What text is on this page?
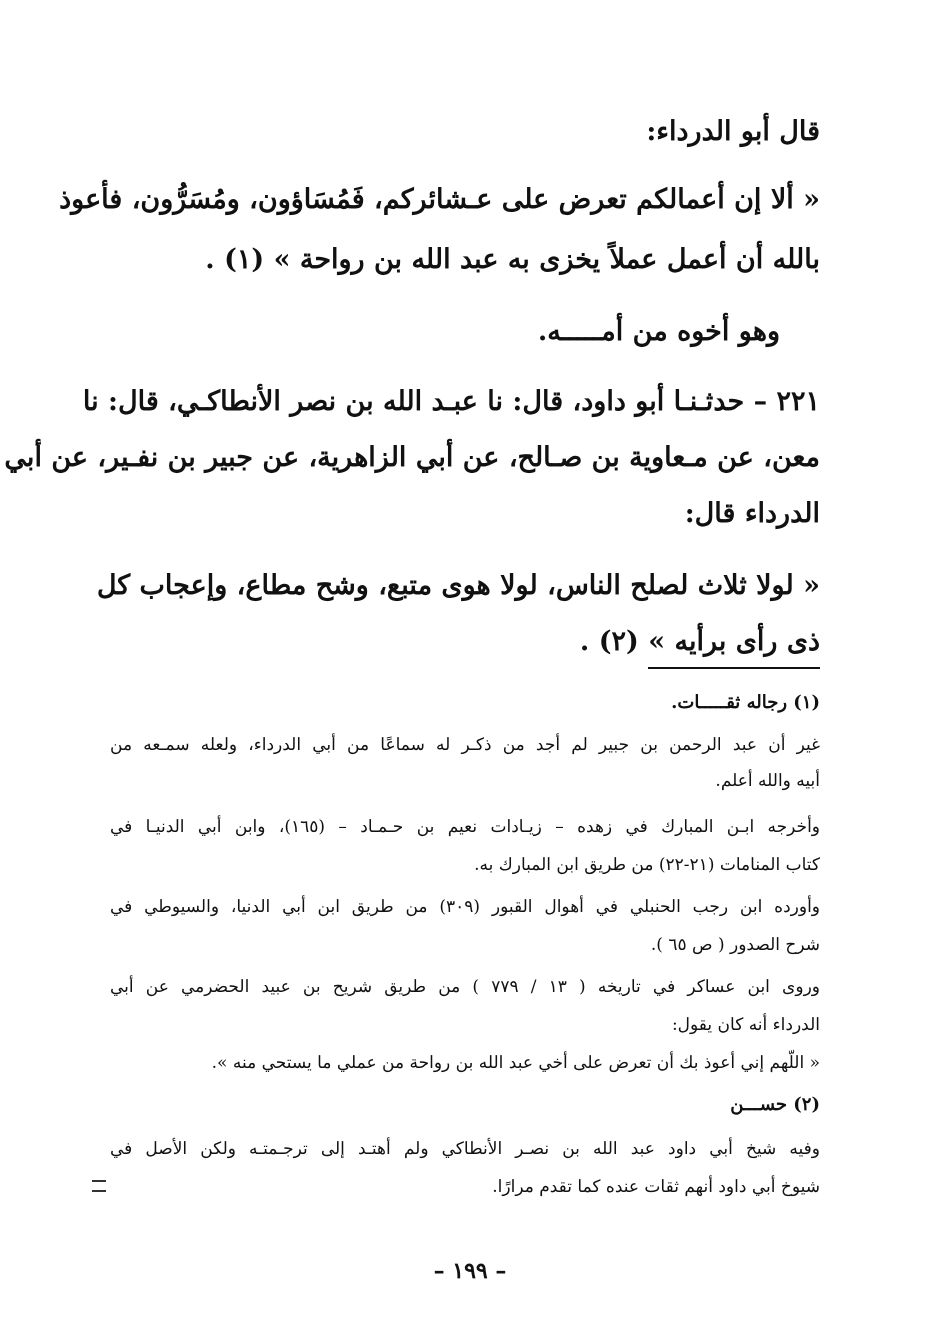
قال أبو الدرداء:
« ألا إن أعمالكم تعرض على عـشائركم، فَمُسَاؤون، ومُسَرُّون، فأعوذ
بالله أن أعمل عملاً يخزى به عبد الله بن رواحة » (١) .
وهو أخوه من أمـــــه.
٢٢١ – حدثـنـا أبو داود، قال: نا عبـد الله بن نصر الأنطاكـي، قال: نا
معن، عن مـعاوية بن صـالح، عن أبي الزاهرية، عن جبير بن نفـير، عن أبي
الدرداء قال:
« لولا ثلاث لصلح الناس، لولا هوى متبع، وشح مطاع، وإعجاب كل
ذى رأى برأيه » (٢) .
(١) رجاله ثقـــــات.
غير أن عبد الرحمن بن جبير لم أجد من ذكـر له سماعًا من أبي الدرداء، ولعله سمـعه من
أبيه والله أعلم.
وأخرجه ابـن المبارك في زهده – زيـادات نعيم بن حـمـاد – (١٦٥)، وابن أبي الدنيـا في
كتاب المنامات (٢١-٢٢) من طريق ابن المبارك به.
وأورده ابن رجب الحنبلي في أهوال القبور (٣٠٩) من طريق ابن أبي الدنيا، والسيوطي في
شرح الصدور ( ص ٦٥ ).
وروى ابن عساكر في تاريخه ( ١٣ / ٧٧٩ ) من طريق شريح بن عبيد الحضرمي عن أبي
الدرداء أنه كان يقول:
« اللّهم إني أعوذ بك أن تعرض على أخي عبد الله بن رواحة من عملي ما يستحي منه ».
(٢) حســـن
وفيه شيخ أبي داود عبد الله بن نصـر الأنطاكي ولم أهتـد إلى ترجـمتـه ولكن الأصل في
شيوخ أبي داود أنهم ثقات عنده كما تقدم مرارًا.
– ١٩٩ –
